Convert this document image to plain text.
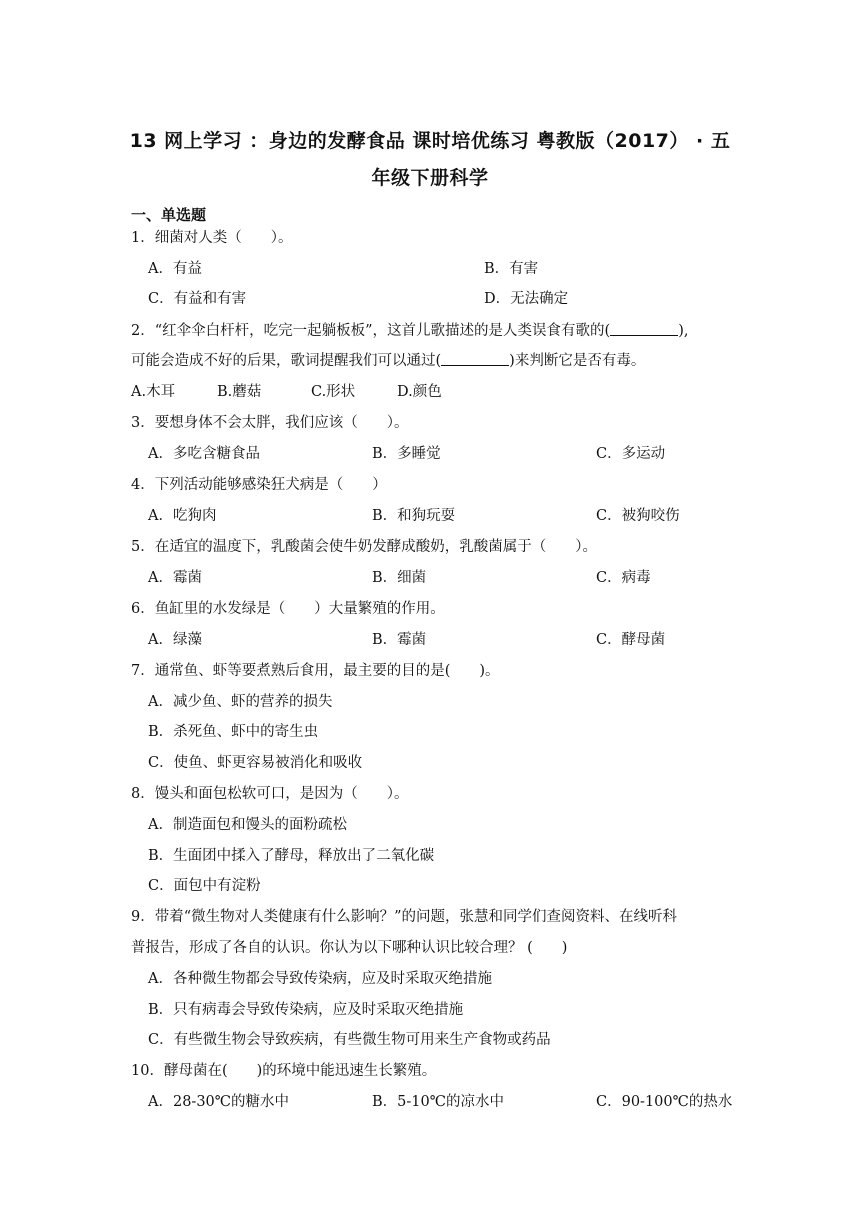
13 网上学习 ：身边的发酵食品 课时培优练习 粤教版（2017） · 五
年级下册科学
一、单选题
1．细菌对人类（　　）。
A．有益	B．有害
C．有益和有害	D．无法确定
2．“红伞伞白杆杆，吃完一起躺板板”，这首儿歌描述的是人类误食有歌的(	),
可能会造成不好的后果，歌词提醒我们可以通过(	)来判断它是否有毒。
A.木耳	B.蘑菇	C.形状	D.颜色
3．要想身体不会太胖，我们应该（　　）。
A．多吃含糖食品	B．多睡觉	C．多运动
4．下列活动能够感染狂犬病是（　　）
A．吃狗肉	B．和狗玩耍	C．被狗咬伤
5．在适宜的温度下，乳酸菌会使牛奶发酵成酸奶，乳酸菌属于（　　）。
A．霉菌	B．细菌	C．病毒
6．鱼缸里的水发绿是（　　）大量繁殖的作用。
A．绿藻	B．霉菌	C．酵母菌
7．通常鱼、虾等要煮熟后食用，最主要的目的是(　　)。
A．减少鱼、虾的营养的损失
B．杀死鱼、虾中的寄生虫
C．使鱼、虾更容易被消化和吸收
8．馒头和面包松软可口，是因为（　　）。
A．制造面包和馒头的面粉疏松
B．生面团中揉入了酵母，释放出了二氧化碳
C．面包中有淀粉
9．带着“微生物对人类健康有什么影响？”的问题，张慧和同学们查阅资料、在线听科
普报告，形成了各自的认识。你认为以下哪种认识比较合理？ (　　)
A．各种微生物都会导致传染病，应及时采取灭绝措施
B．只有病毒会导致传染病，应及时采取灭绝措施
C．有些微生物会导致疾病，有些微生物可用来生产食物或药品
10．酵母菌在(　　)的环境中能迅速生长繁殖。
A．28-30℃的糖水中	B．5-10℃的凉水中	C．90-100℃的热水
